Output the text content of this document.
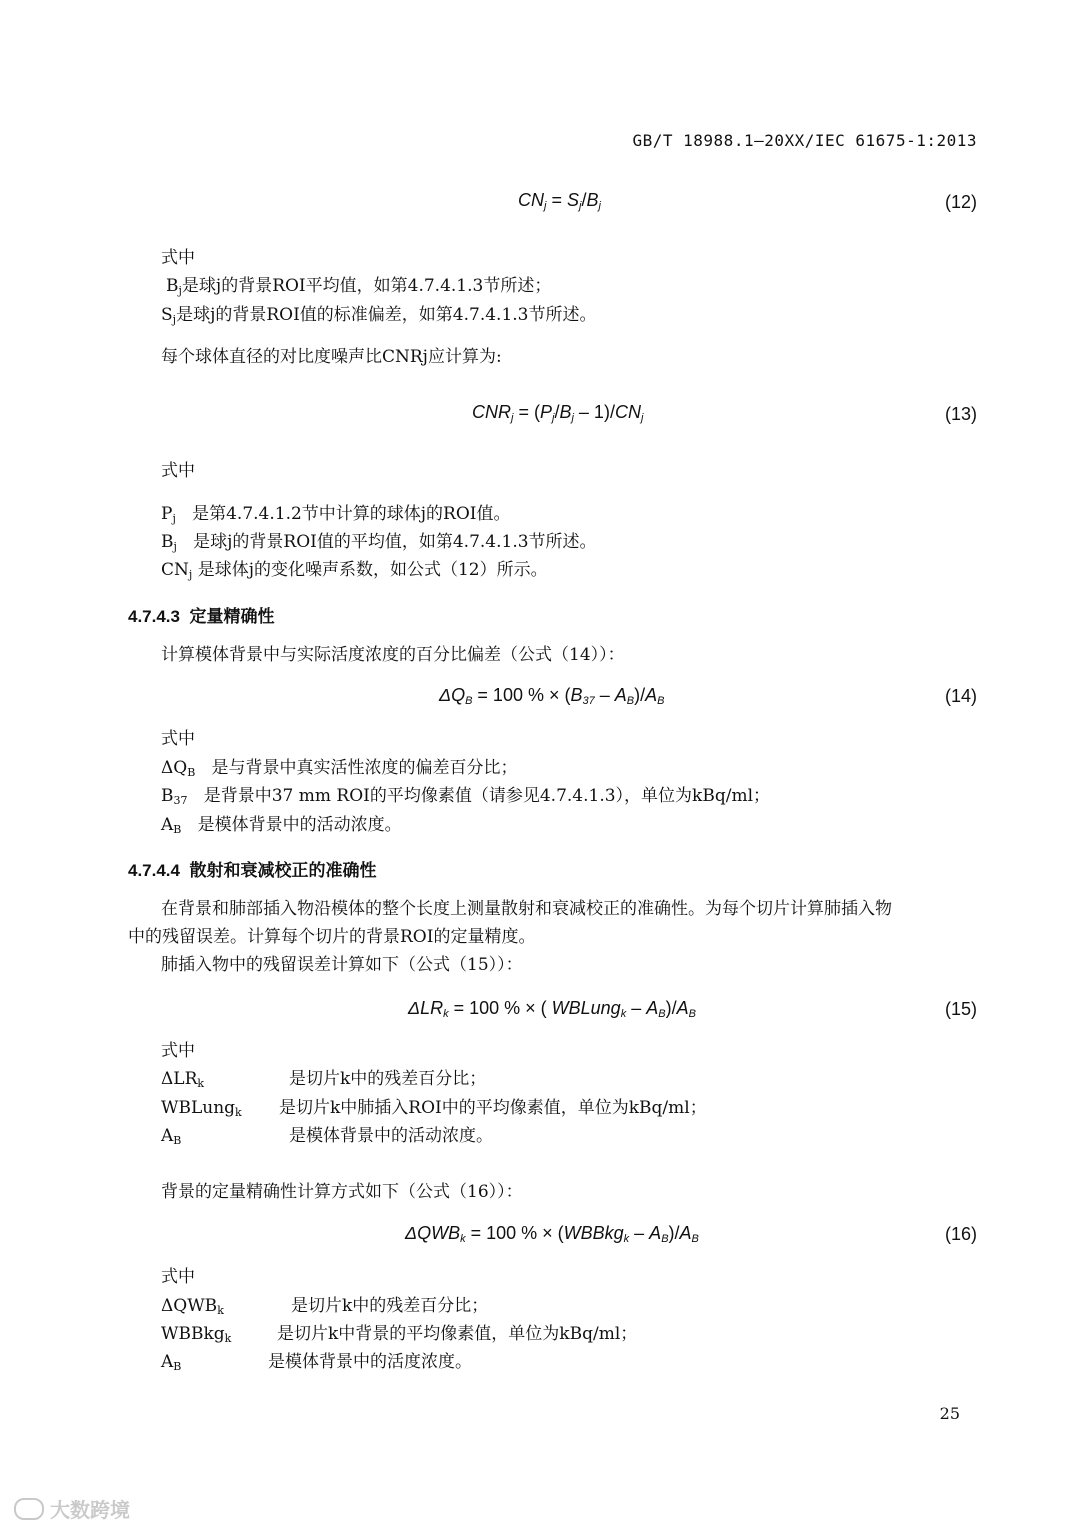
GB/T 18988.1—20XX/IEC 61675-1:2013
$CN_j = S_j/B_j$	(12)
式中
$B_j$是球j的背景ROI平均值，如第4.7.4.1.3节所述；
$S_j$是球j的背景ROI值的标准偏差，如第4.7.4.1.3节所述。
每个球体直径的对比度噪声比CNRj应计算为:
$CNR_j = (P_j/B_j - 1)/CN_j$	(13)
式中
$P_j$ 是第4.7.4.1.2节中计算的球体j的ROI值。
$B_j$ 是球j的背景ROI值的平均值，如第4.7.4.1.3节所述。
$CN_j$ 是球体j的变化噪声系数，如公式（12）所示。
4.7.4.3 定量精确性
计算模体背景中与实际活度浓度的百分比偏差（公式（14））：
$\Delta Q_B = 100$ % × $(B_{37} - A_B)/A_B$	(14)
式中
$\Delta Q_B$ 是与背景中真实活性浓度的偏差百分比；
$B_{37}$ 是背景中37 mm ROI的平均像素值（请参见4.7.4.1.3），单位为kBq/ml；
$A_B$ 是模体背景中的活动浓度。
4.7.4.4 散射和衰减校正的准确性
在背景和肺部插入物沿模体的整个长度上测量散射和衰减校正的准确性。为每个切片计算肺插入物
中的残留误差。计算每个切片的背景ROI的定量精度。
肺插入物中的残留误差计算如下（公式（15））：
$\Delta LR_k = 100$ % × ( WBLung$_k$ – $A_B)/A_B$	(15)
式中
$\Delta LR_k$	是切片k中的残差百分比；
WBLung$_k$ 是切片k中肺插入ROI中的平均像素值，单位为kBq/ml；
$A_B$	是模体背景中的活动浓度。
背景的定量精确性计算方式如下（公式（16））：
$\Delta QWB_k = 100$ % × (WBBkg$_k$ – $A_B)/A_B$	(16)
式中
$\Delta QWB_k$	是切片k中的残差百分比；
WBBkg$_k$	是切片k中背景的平均像素值，单位为kBq/ml；
$A_B$	是模体背景中的活度浓度。
25
大数跨境
